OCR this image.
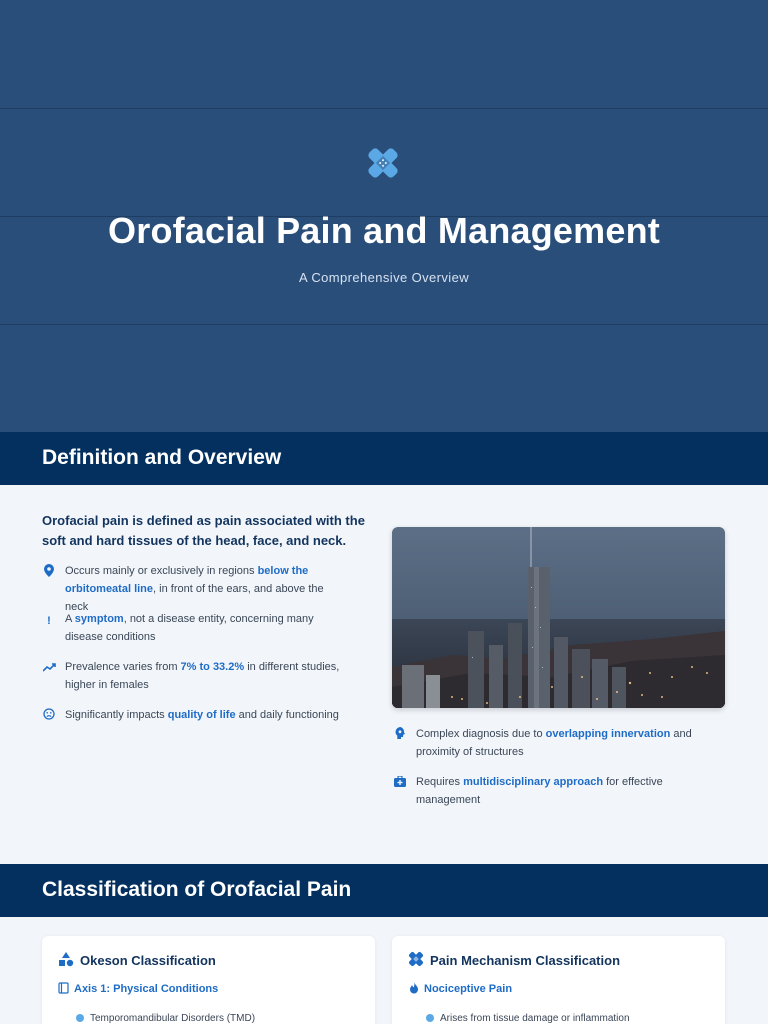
Orofacial Pain and Management
A Comprehensive Overview
Definition and Overview

Orofacial pain is defined as pain associated with the soft and hard tissues of the head, face, and neck.

Occurs mainly or exclusively in regions below the orbitomeatal line, in front of the ears, and above the neck
!	A symptom, not a disease entity, concerning many disease conditions
Prevalence varies from 7% to 33.2% in different studies, higher in females
Significantly impacts quality of life and daily functioning
Complex diagnosis due to overlapping innervation and proximity of structures
Requires multidisciplinary approach for effective management
Classification of Orofacial Pain
Okeson Classification
Axis 1: Physical Conditions
Temporomandibular Disorders (TMD)
Pain Mechanism Classification
Nociceptive Pain
Arises from tissue damage or inflammation
